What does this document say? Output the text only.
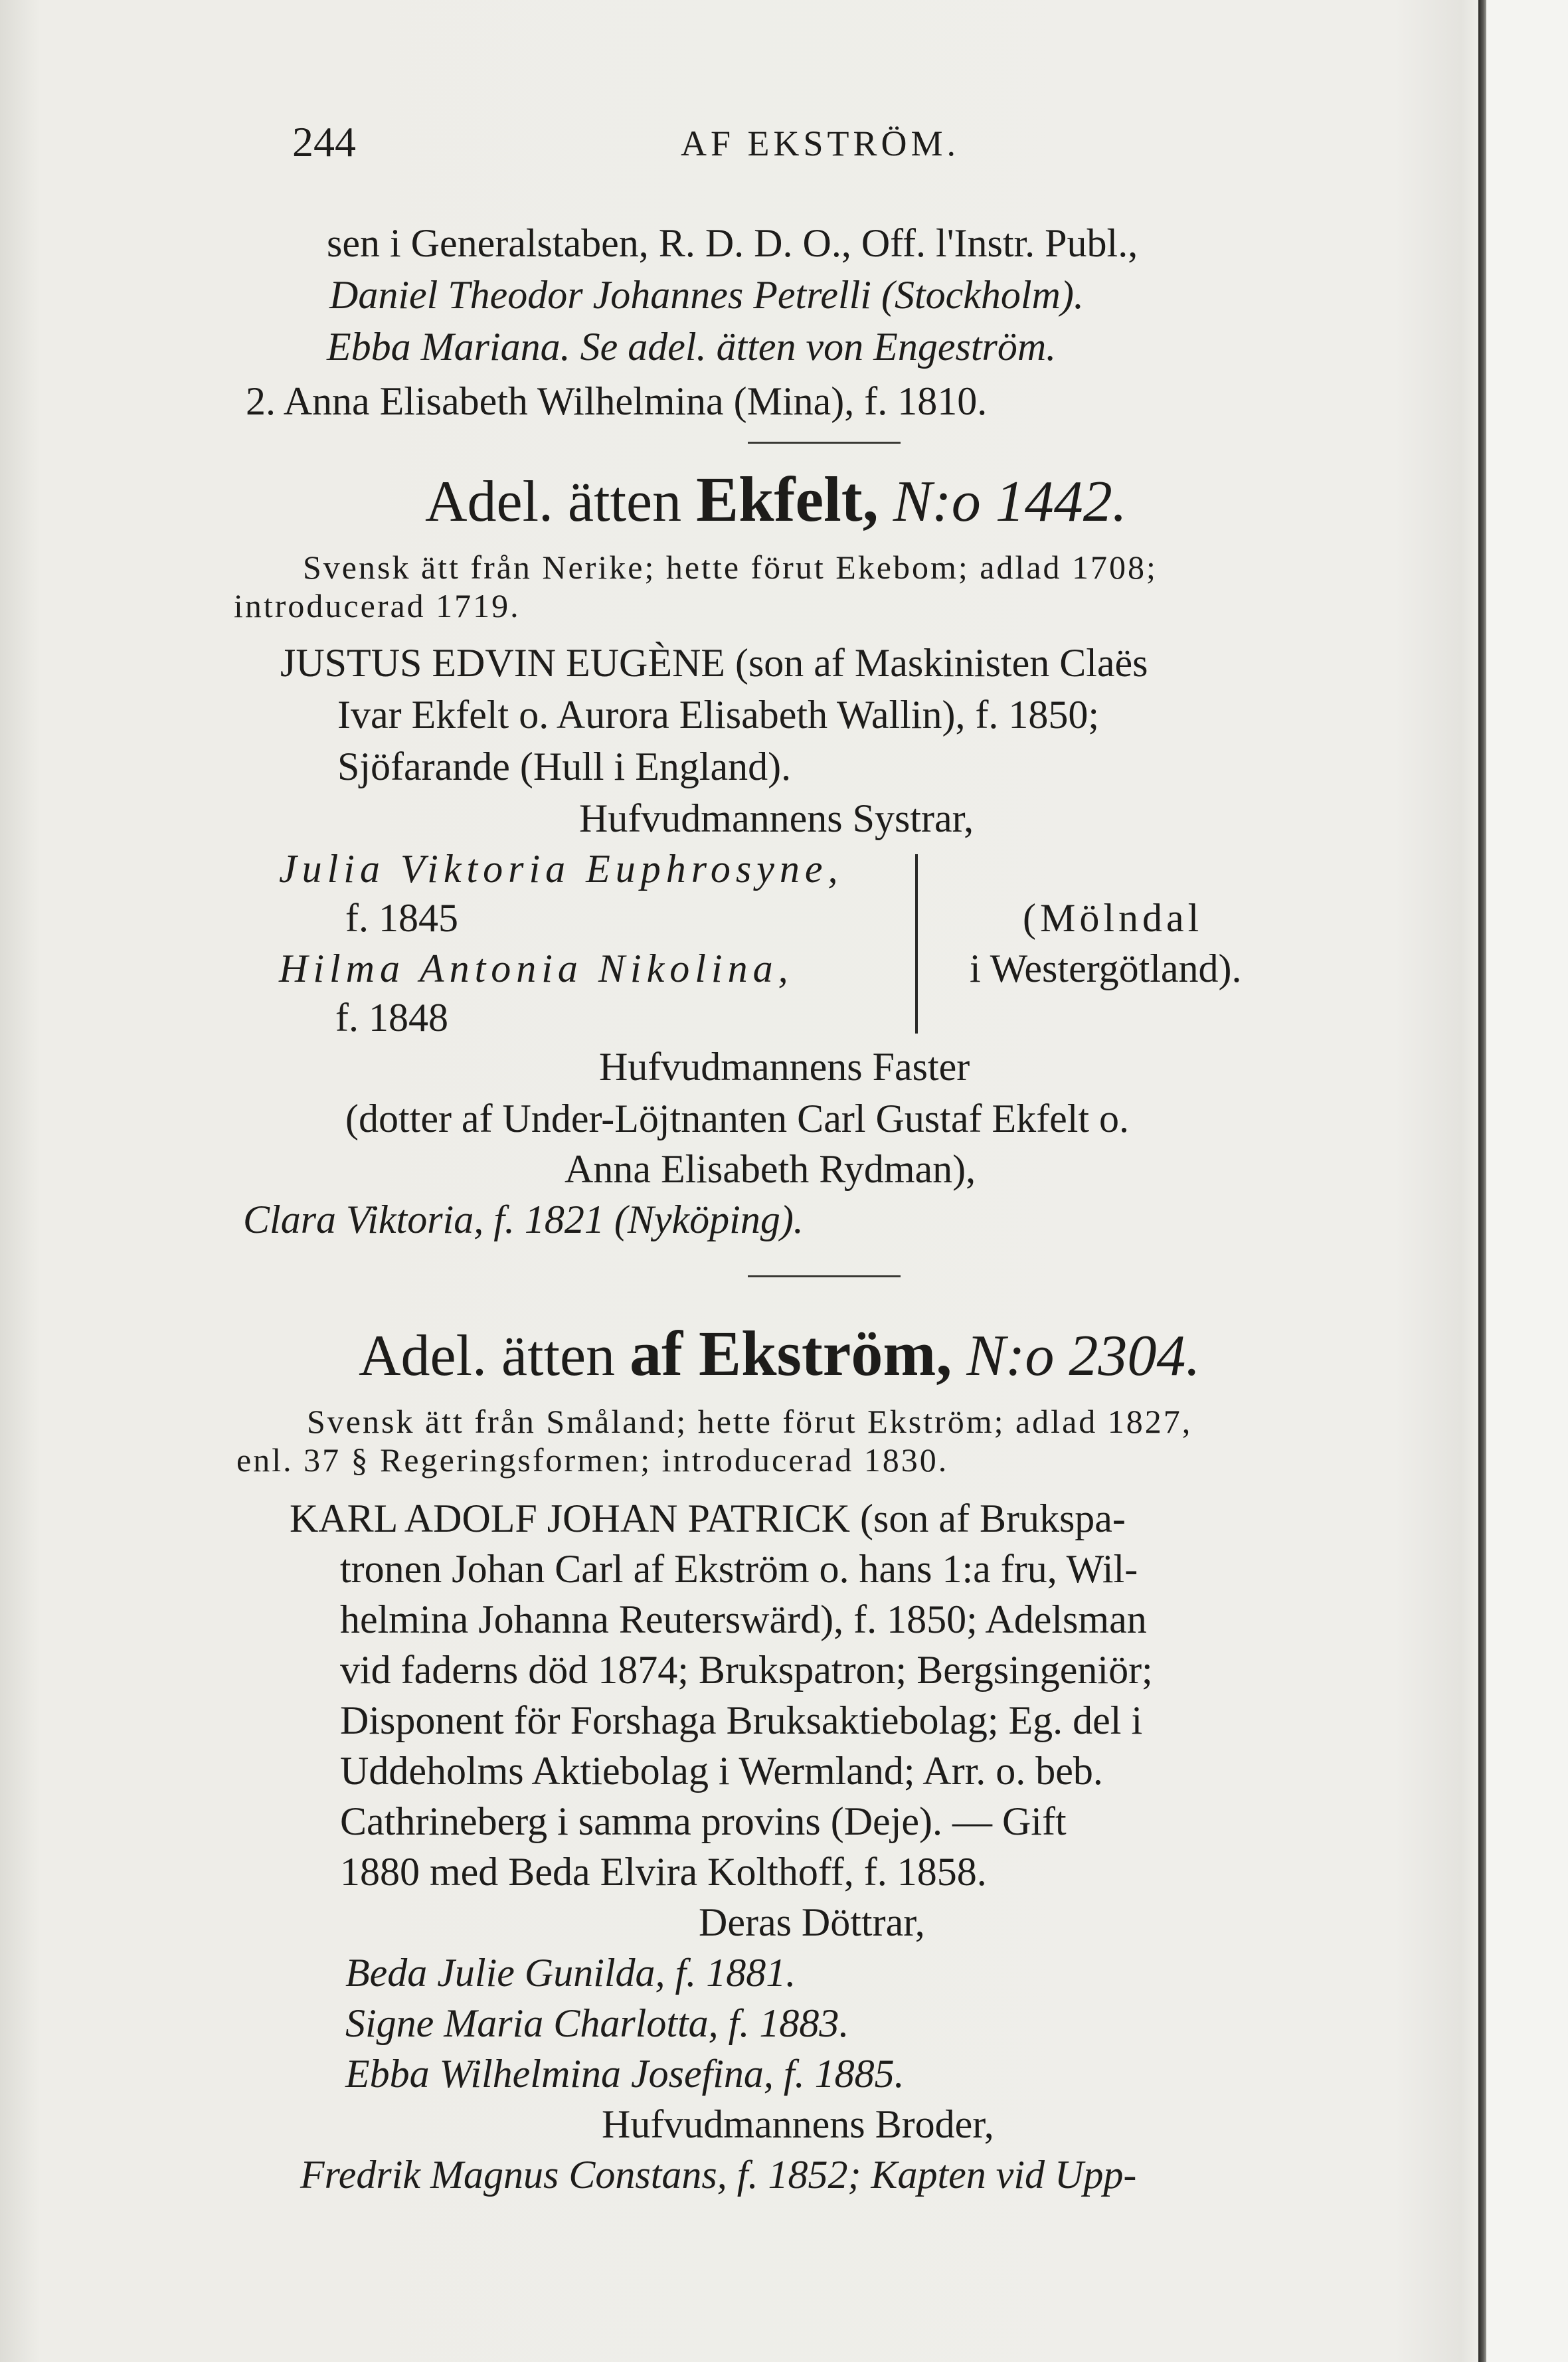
244	AF EKSTRÖM.
sen i Generalstaben, R. D. D. O., Off. l'Instr. Publ.,
Daniel Theodor Johannes Petrelli (Stockholm).
Ebba Mariana. Se adel. ätten von Engeström.
2. Anna Elisabeth Wilhelmina (Mina), f. 1810.
Adel. ätten Ekfelt, N:o 1442.
Svensk ätt från Nerike; hette förut Ekebom; adlad 1708;
introducerad 1719.
JUSTUS EDVIN EUGÈNE (son af Maskinisten Claës
Ivar Ekfelt o. Aurora Elisabeth Wallin), f. 1850;
Sjöfarande (Hull i England).
Hufvudmannens Systrar,
Julia Viktoria Euphrosyne,
f. 1845
Hilma Antonia Nikolina,
f. 1848
(Mölndal
i Westergötland).
Hufvudmannens Faster
(dotter af Under-Löjtnanten Carl Gustaf Ekfelt o.
Anna Elisabeth Rydman),
Clara Viktoria, f. 1821 (Nyköping).
Adel. ätten af Ekström, N:o 2304.
Svensk ätt från Småland; hette förut Ekström; adlad 1827,
enl. 37 § Regeringsformen; introducerad 1830.
KARL ADOLF JOHAN PATRICK (son af Brukspa-
tronen Johan Carl af Ekström o. hans 1:a fru, Wil-
helmina Johanna Reuterswärd), f. 1850; Adelsman
vid faderns död 1874; Brukspatron; Bergsingeniör;
Disponent för Forshaga Bruksaktiebolag; Eg. del i
Uddeholms Aktiebolag i Wermland; Arr. o. beb.
Cathrineberg i samma provins (Deje). — Gift
1880 med Beda Elvira Kolthoff, f. 1858.
Deras Döttrar,
Beda Julie Gunilda, f. 1881.
Signe Maria Charlotta, f. 1883.
Ebba Wilhelmina Josefina, f. 1885.
Hufvudmannens Broder,
Fredrik Magnus Constans, f. 1852; Kapten vid Upp-
